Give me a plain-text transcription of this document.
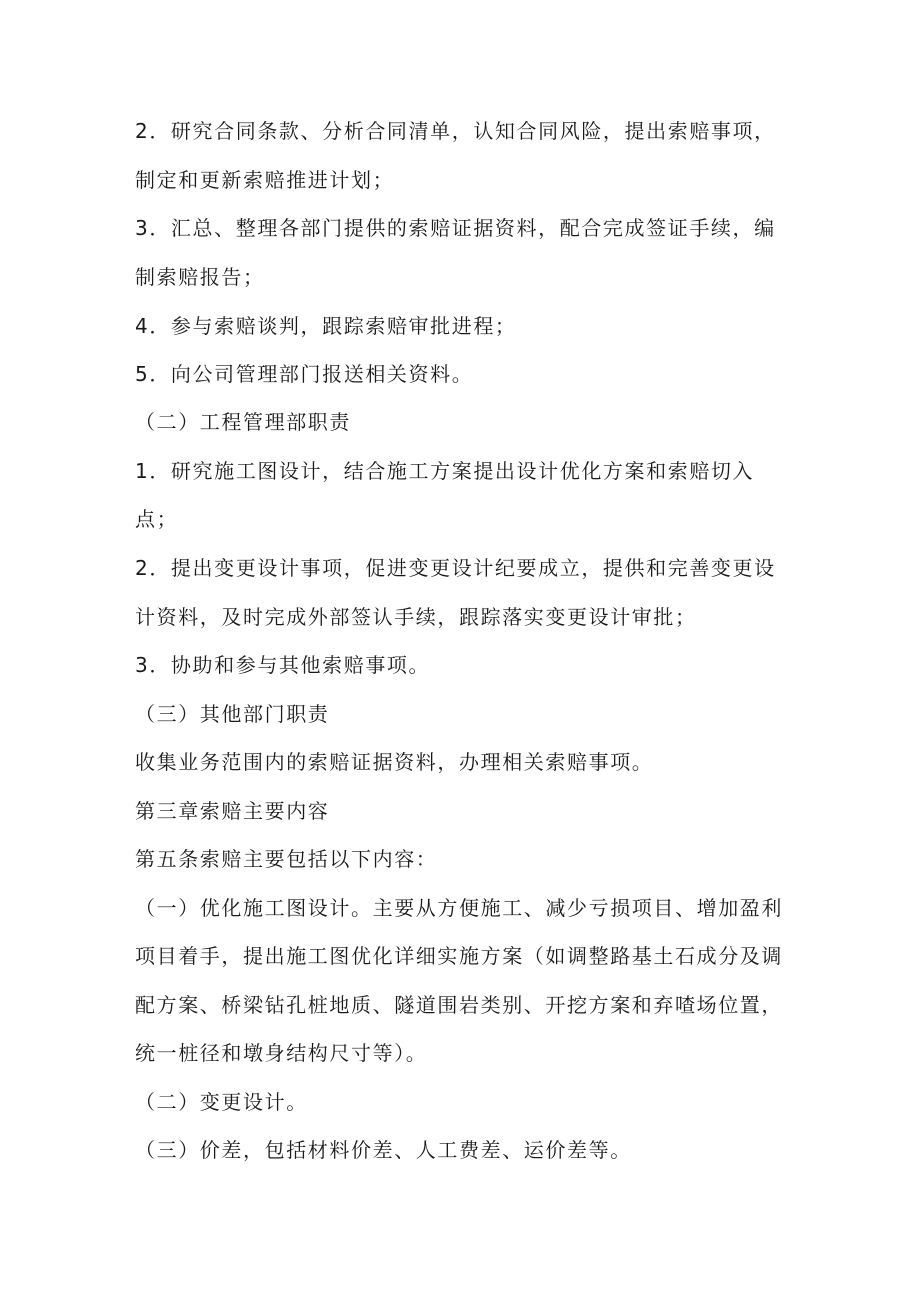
2．研究合同条款、分析合同清单，认知合同风险，提出索赔事项，
制定和更新索赔推进计划；
3．汇总、整理各部门提供的索赔证据资料，配合完成签证手续，编
制索赔报告；
4．参与索赔谈判，跟踪索赔审批进程；
5．向公司管理部门报送相关资料。
（二）工程管理部职责
1．研究施工图设计，结合施工方案提出设计优化方案和索赔切入
点；
2．提出变更设计事项，促进变更设计纪要成立，提供和完善变更设
计资料，及时完成外部签认手续，跟踪落实变更设计审批；
3．协助和参与其他索赔事项。
（三）其他部门职责
收集业务范围内的索赔证据资料，办理相关索赔事项。
第三章索赔主要内容
第五条索赔主要包括以下内容：
（一）优化施工图设计。主要从方便施工、减少亏损项目、增加盈利
项目着手，提出施工图优化详细实施方案（如调整路基土石成分及调
配方案、桥梁钻孔桩地质、隧道围岩类别、开挖方案和弃喳场位置，
统一桩径和墩身结构尺寸等）。
（二）变更设计。
（三）价差，包括材料价差、人工费差、运价差等。
